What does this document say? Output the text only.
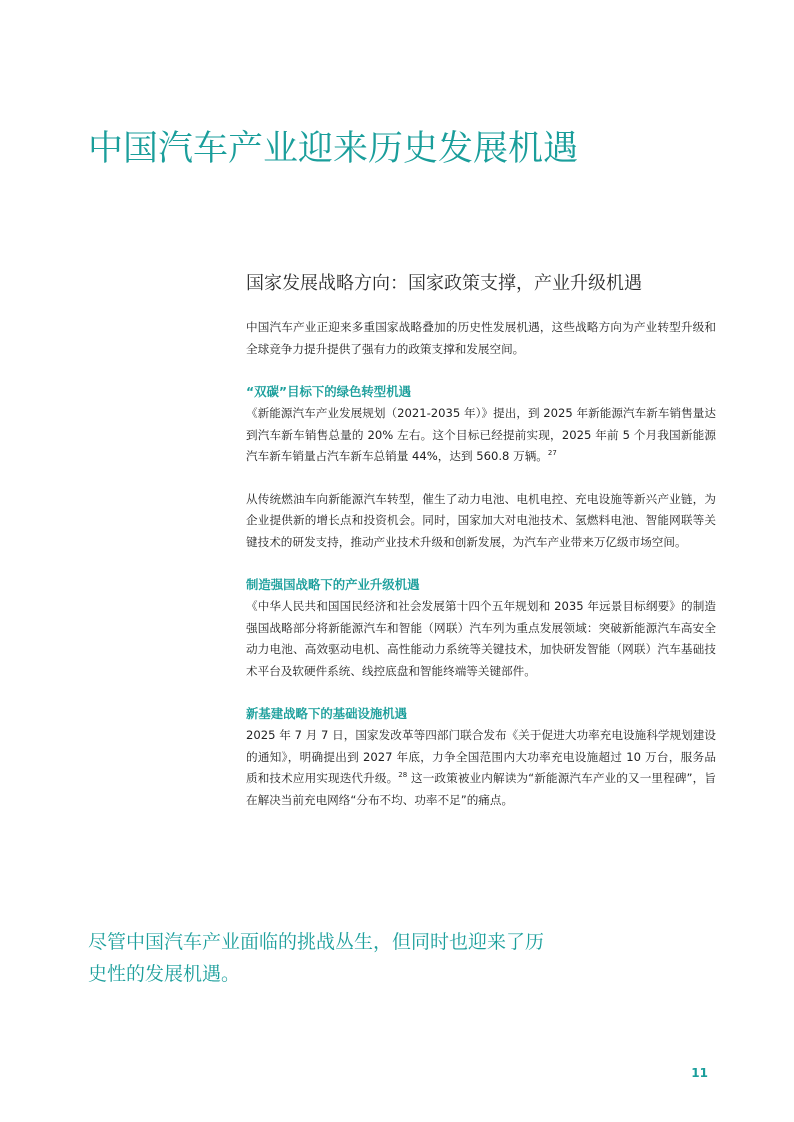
中国汽车产业迎来历史发展机遇
国家发展战略方向：国家政策支撑，产业升级机遇

中国汽车产业正迎来多重国家战略叠加的历史性发展机遇，这些战略方向为产业转型升级和全球竞争力提升提供了强有力的政策支撑和发展空间。

“双碳”目标下的绿色转型机遇

《新能源汽车产业发展规划（2021-2035 年）》提出，到 2025 年新能源汽车新车销售量达到汽车新车销售总量的 20% 左右。这个目标已经提前实现，2025 年前 5 个月我国新能源汽车新车销量占汽车新车总销量 44%，达到 560.8 万辆。$^{27}$

从传统燃油车向新能源汽车转型，催生了动力电池、电机电控、充电设施等新兴产业链，为企业提供新的增长点和投资机会。同时，国家加大对电池技术、氢燃料电池、智能网联等关键技术的研发支持，推动产业技术升级和创新发展，为汽车产业带来万亿级市场空间。

制造强国战略下的产业升级机遇

《中华人民共和国国民经济和社会发展第十四个五年规划和 2035 年远景目标纲要》的制造强国战略部分将新能源汽车和智能（网联）汽车列为重点发展领域：突破新能源汽车高安全动力电池、高效驱动电机、高性能动力系统等关键技术，加快研发智能（网联）汽车基础技术平台及软硬件系统、线控底盘和智能终端等关键部件。

新基建战略下的基础设施机遇

2025 年 7 月 7 日，国家发改革等四部门联合发布《关于促进大功率充电设施科学规划建设的通知》，明确提出到 2027 年底，力争全国范围内大功率充电设施超过 10 万台，服务品质和技术应用实现迭代升级。$^{28}$ 这一政策被业内解读为“新能源汽车产业的又一里程碑”，旨在解决当前充电网络“分布不均、功率不足”的痛点。

尽管中国汽车产业面临的挑战丛生，但同时也迎来了历史性的发展机遇。

11
